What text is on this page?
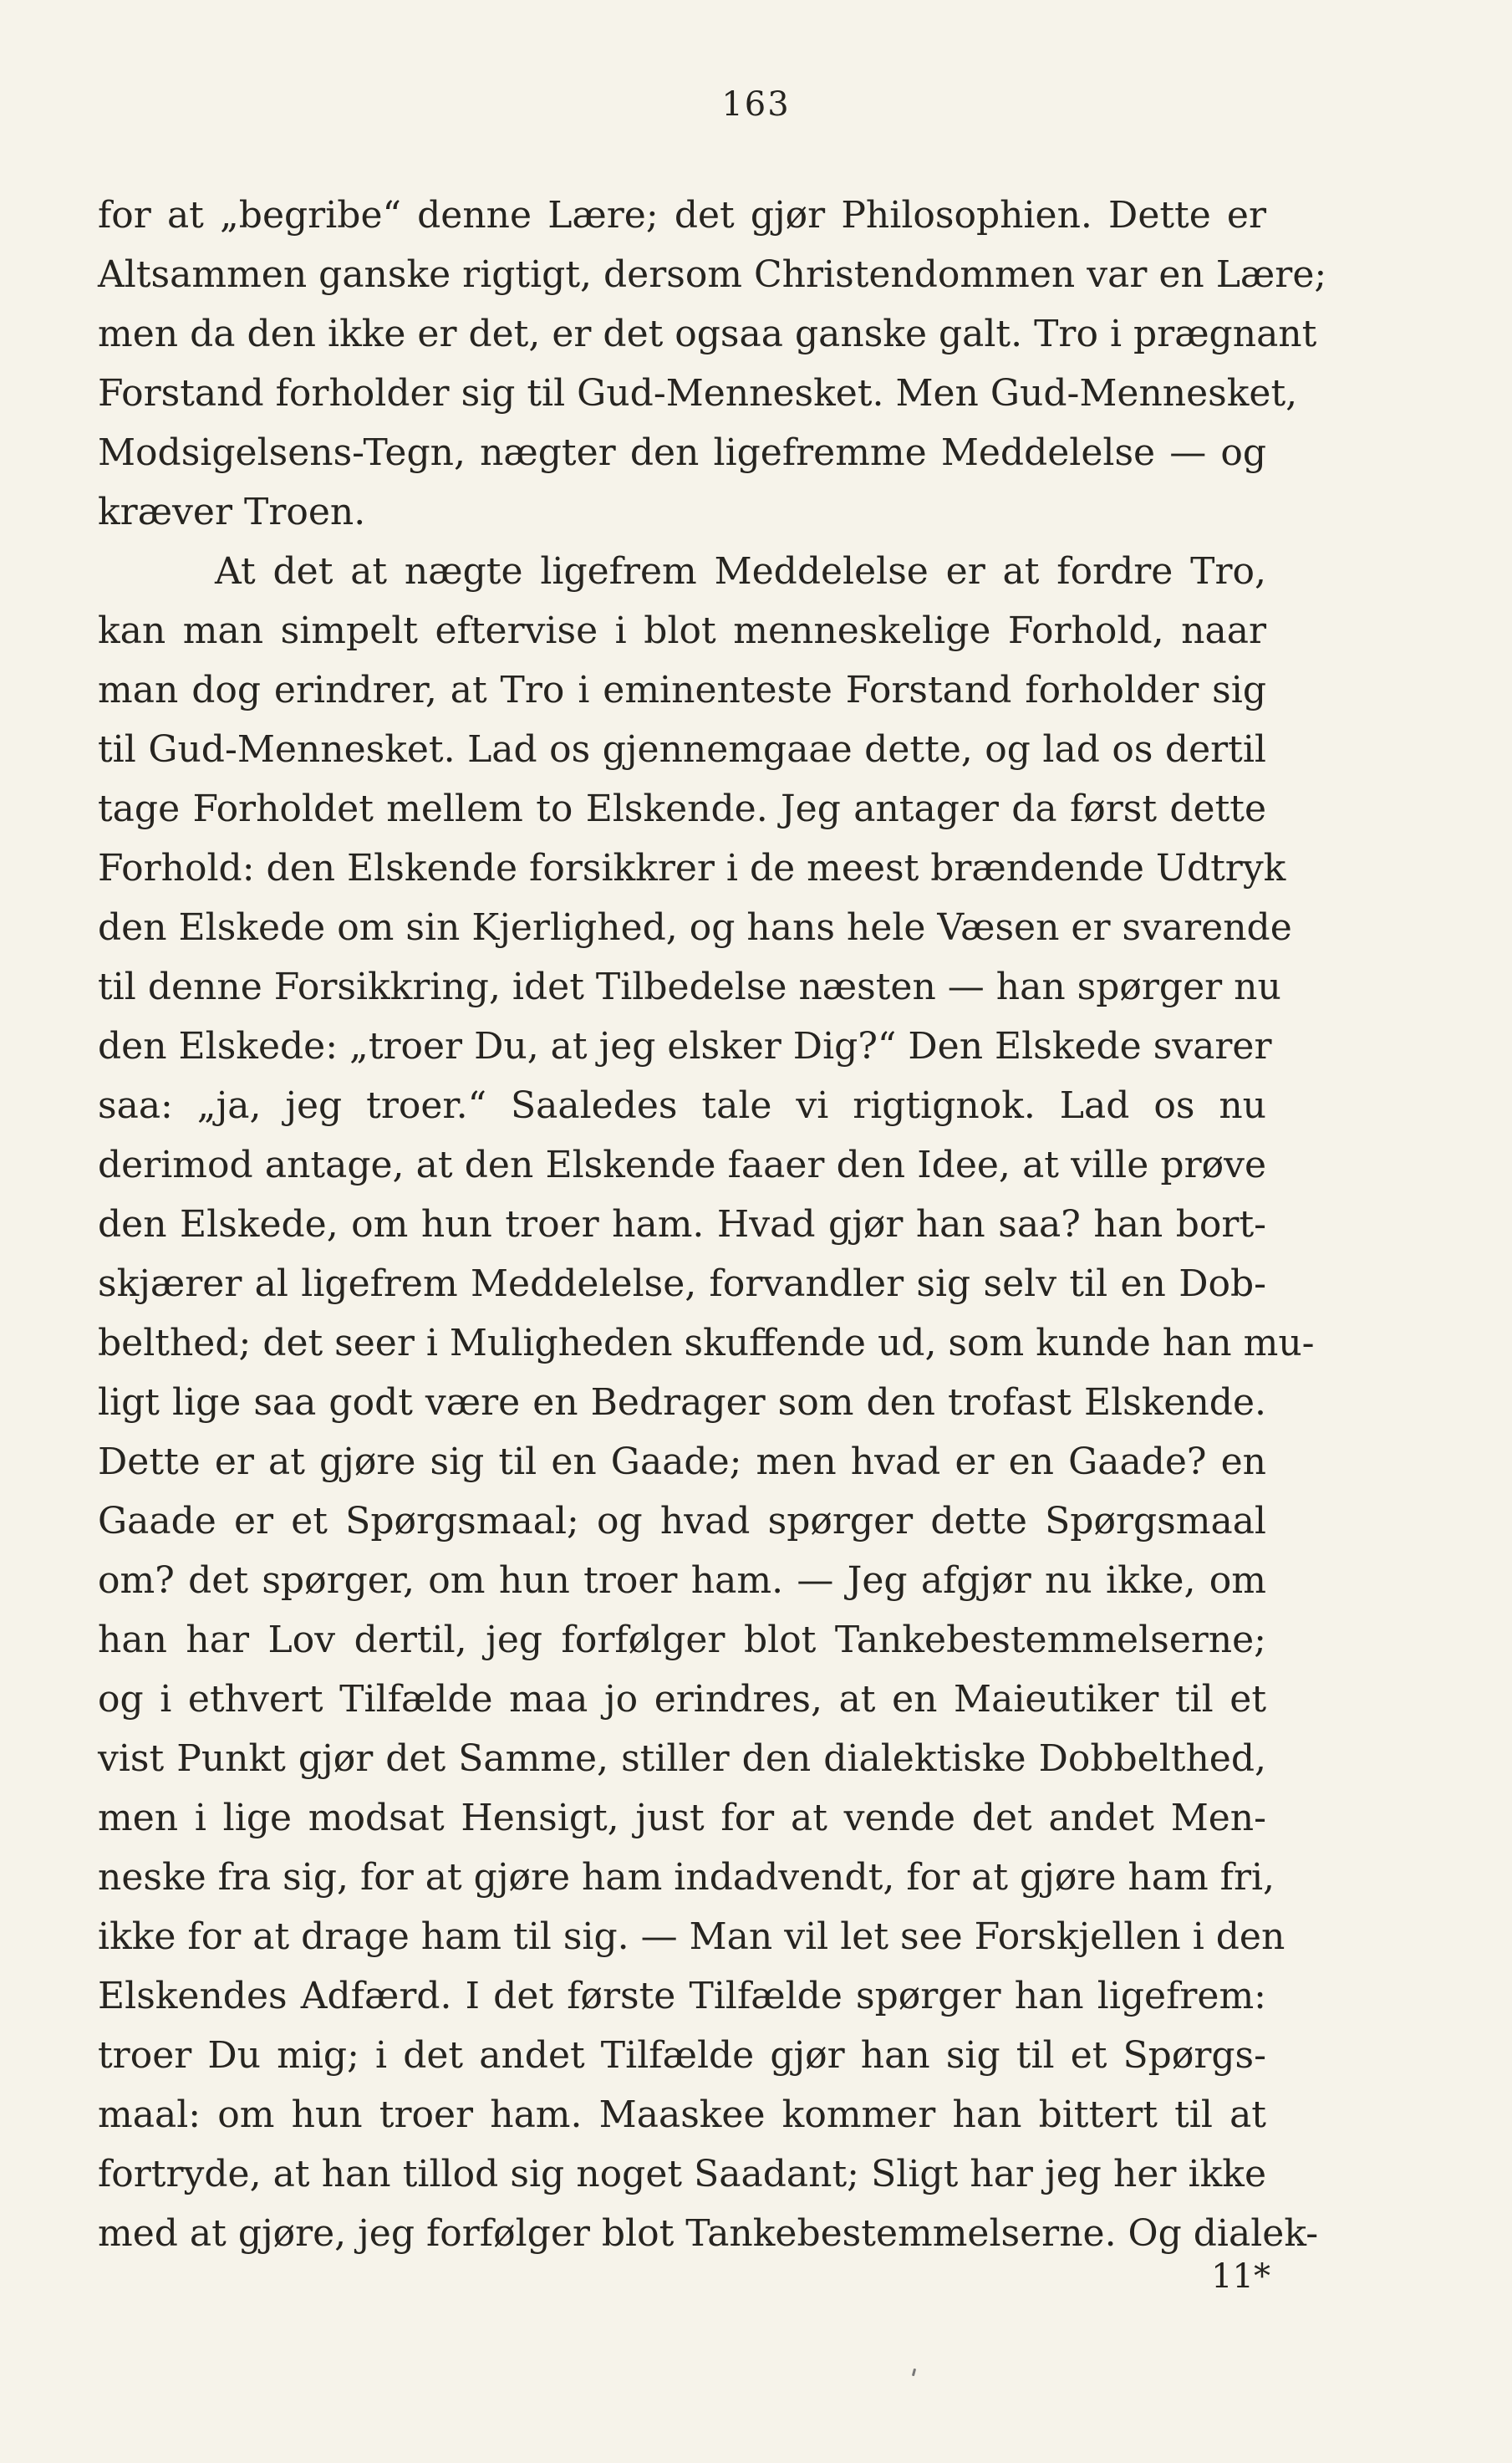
163
for at „begribe“ denne Lære; det gjør Philosophien. Dette er
Altsammen ganske rigtigt, dersom Christendommen var en Lære;
men da den ikke er det, er det ogsaa ganske galt. Tro i prægnant
Forstand forholder sig til Gud-Mennesket. Men Gud-Mennesket,
Modsigelsens-Tegn, nægter den ligefremme Meddelelse — og
kræver Troen.
At det at nægte ligefrem Meddelelse er at fordre Tro,
kan man simpelt eftervise i blot menneskelige Forhold, naar
man dog erindrer, at Tro i eminenteste Forstand forholder sig
til Gud-Mennesket. Lad os gjennemgaae dette, og lad os dertil
tage Forholdet mellem to Elskende. Jeg antager da først dette
Forhold: den Elskende forsikkrer i de meest brændende Udtryk
den Elskede om sin Kjerlighed, og hans hele Væsen er svarende
til denne Forsikkring, idet Tilbedelse næsten — han spørger nu
den Elskede: „troer Du, at jeg elsker Dig?“ Den Elskede svarer
saa: „ja, jeg troer.“ Saaledes tale vi rigtignok. Lad os nu
derimod antage, at den Elskende faaer den Idee, at ville prøve
den Elskede, om hun troer ham. Hvad gjør han saa? han bort-
skjærer al ligefrem Meddelelse, forvandler sig selv til en Dob-
belthed; det seer i Muligheden skuffende ud, som kunde han mu-
ligt lige saa godt være en Bedrager som den trofast Elskende.
Dette er at gjøre sig til en Gaade; men hvad er en Gaade? en
Gaade er et Spørgsmaal; og hvad spørger dette Spørgsmaal
om? det spørger, om hun troer ham. — Jeg afgjør nu ikke, om
han har Lov dertil, jeg forfølger blot Tankebestemmelserne;
og i ethvert Tilfælde maa jo erindres, at en Maieutiker til et
vist Punkt gjør det Samme, stiller den dialektiske Dobbelthed,
men i lige modsat Hensigt, just for at vende det andet Men-
neske fra sig, for at gjøre ham indadvendt, for at gjøre ham fri,
ikke for at drage ham til sig. — Man vil let see Forskjellen i den
Elskendes Adfærd. I det første Tilfælde spørger han ligefrem:
troer Du mig; i det andet Tilfælde gjør han sig til et Spørgs-
maal: om hun troer ham. Maaskee kommer han bittert til at
fortryde, at han tillod sig noget Saadant; Sligt har jeg her ikke
med at gjøre, jeg forfølger blot Tankebestemmelserne. Og dialek-
11*
